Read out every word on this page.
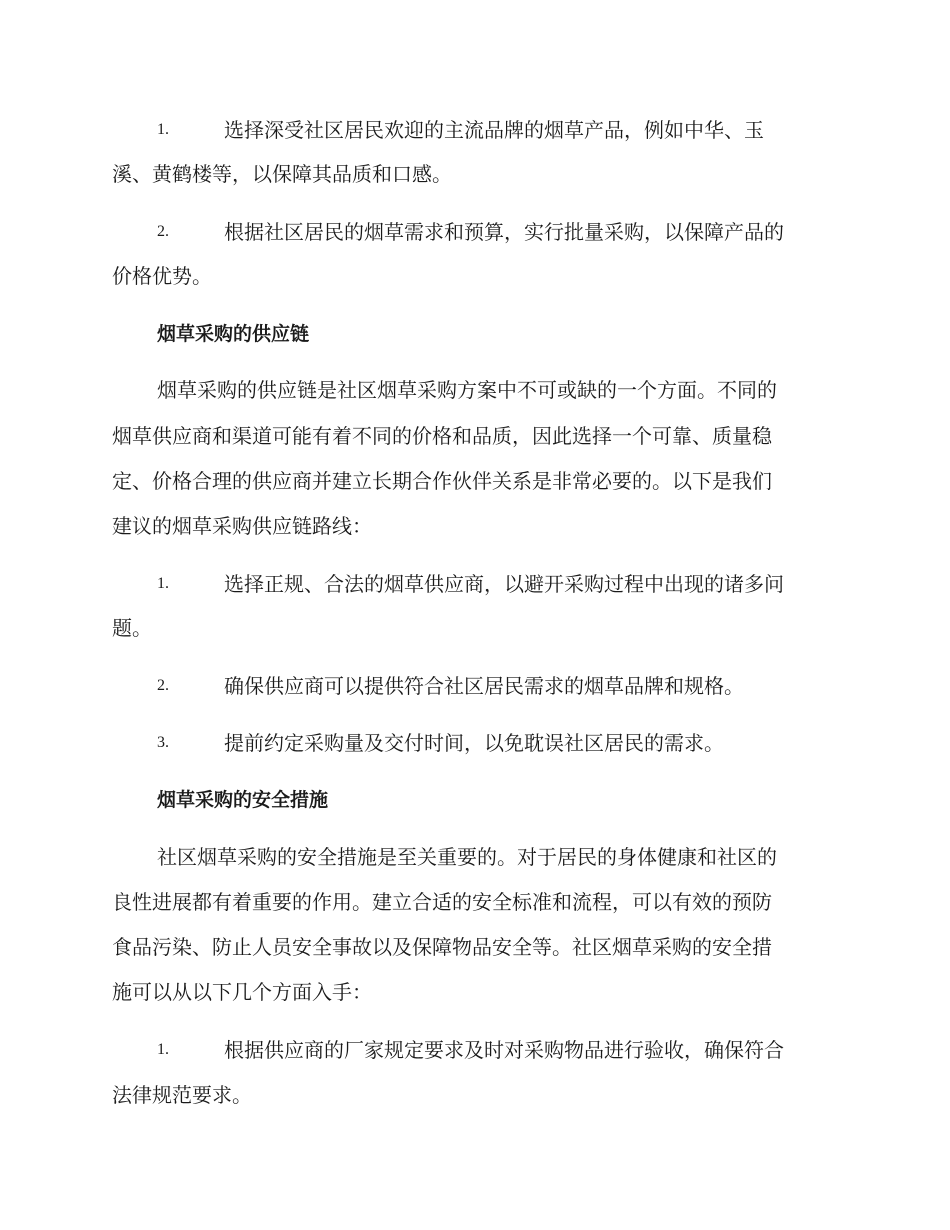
1.	选择深受社区居民欢迎的主流品牌的烟草产品，例如中华、玉
溪、黄鹤楼等，以保障其品质和口感。
2.	根据社区居民的烟草需求和预算，实行批量采购，以保障产品的
价格优势。
烟草采购的供应链
烟草采购的供应链是社区烟草采购方案中不可或缺的一个方面。不同的
烟草供应商和渠道可能有着不同的价格和品质，因此选择一个可靠、质量稳
定、价格合理的供应商并建立长期合作伙伴关系是非常必要的。以下是我们
建议的烟草采购供应链路线：
1.	选择正规、合法的烟草供应商，以避开采购过程中出现的诸多问
题。
2.	确保供应商可以提供符合社区居民需求的烟草品牌和规格。
3.	提前约定采购量及交付时间，以免耽误社区居民的需求。
烟草采购的安全措施
社区烟草采购的安全措施是至关重要的。对于居民的身体健康和社区的
良性进展都有着重要的作用。建立合适的安全标准和流程，可以有效的预防
食品污染、防止人员安全事故以及保障物品安全等。社区烟草采购的安全措
施可以从以下几个方面入手：
1.	根据供应商的厂家规定要求及时对采购物品进行验收，确保符合
法律规范要求。
